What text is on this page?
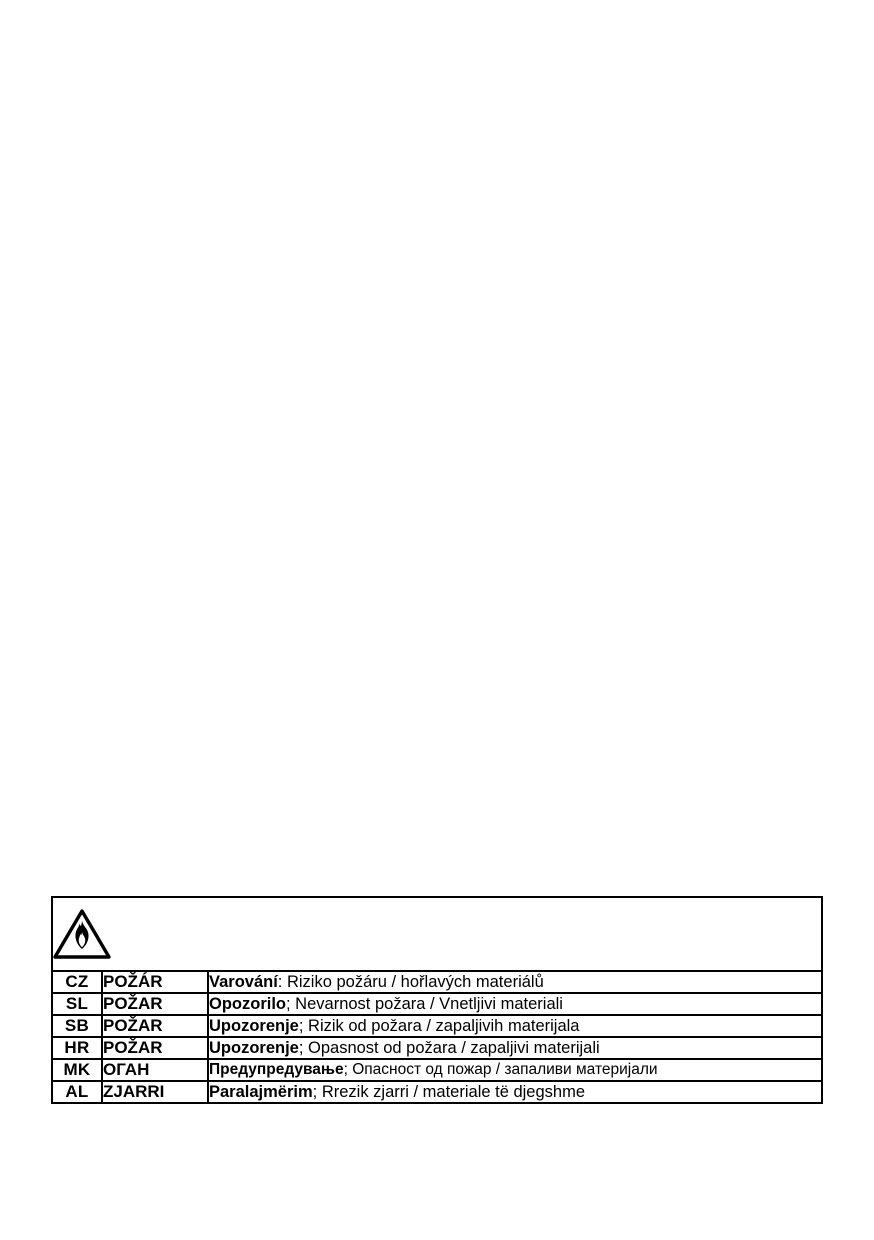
CZ	POŽÁR	Varování: Riziko požáru / hořlavých materiálů
SL	POŽAR	Opozorilo; Nevarnost požara / Vnetljivi materiali
SB	POŽAR	Upozorenje; Rizik od požara / zapaljivih materijala
HR	POŽAR	Upozorenje; Opasnost od požara / zapaljivi materijali
MK	ОГАН	Предупредување; Опасност од пожар / запаливи материјали
AL	ZJARRI	Paralajmërim; Rrezik zjarri / materiale të djegshme
